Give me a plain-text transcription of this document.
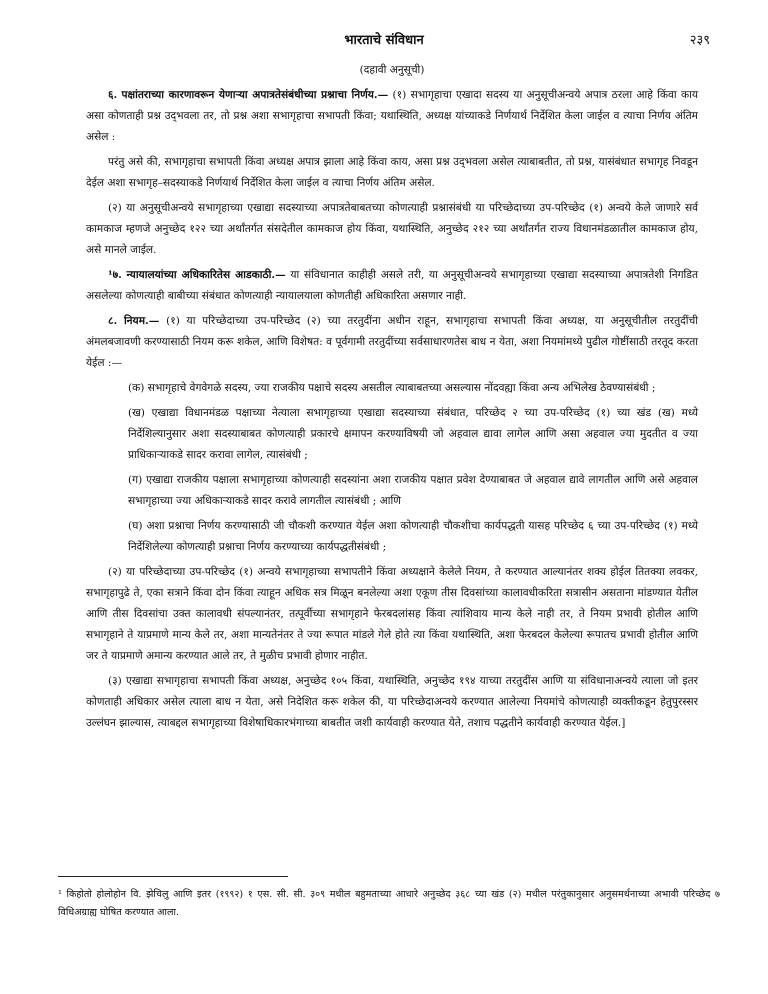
भारताचे संविधान	२३९
(दहावी अनुसूची)

६. पक्षांतराच्या कारणावरून येणाऱ्या अपात्रतेसंबंधीच्या प्रश्नाचा निर्णय.— (१) सभागृहाचा एखादा सदस्य या अनुसूचीअन्वये अपात्र ठरला आहे किंवा काय असा कोणताही प्रश्न उद्‌भवला तर, तो प्रश्न अशा सभागृहाचा सभापती किंवा; यथास्थिति, अध्यक्ष यांच्याकडे निर्णयार्थ निर्देशित केला जाईल व त्याचा निर्णय अंतिम असेल :

परंतु असे की, सभागृहाचा सभापती किंवा अध्यक्ष अपात्र झाला आहे किंवा काय, असा प्रश्न उद्‌भवला असेल त्याबाबतीत, तो प्रश्न, यासंबंधात सभागृह निवडून देईल अशा सभागृह–सदस्याकडे निर्णयार्थ निर्देशित केला जाईल व त्याचा निर्णय अंतिम असेल.

(२) या अनुसूचीअन्वये सभागृहाच्या एखाद्या सदस्याच्या अपात्रतेबाबतच्या कोणत्याही प्रश्नासंबंधी या परिच्छेदाच्या उप-परिच्छेद (१) अन्वये केले जाणारे सर्व कामकाज म्हणजे अनुच्छेद १२२ च्या अर्थांतर्गत संसदेतील कामकाज होय किंवा, यथास्थिति, अनुच्छेद २१२ च्या अर्थांतर्गत राज्य विधानमंडळातील कामकाज होय, असे मानले जाईल.

¹७. न्यायालयांच्या अधिकारितेस आडकाठी.— या संविधानात काहीही असले तरी, या अनुसूचीअन्वये सभागृहाच्या एखाद्या सदस्याच्या अपात्रतेशी निगडित असलेल्या कोणत्याही बाबीच्या संबंधात कोणत्याही न्यायालयाला कोणतीही अधिकारिता असणार नाही.

८. नियम.— (१) या परिच्छेदाच्या उप-परिच्छेद (२) च्या तरतुदींना अधीन राहून, सभागृहाचा सभापती किंवा अध्यक्ष, या अनुसूचीतील तरतुदींची अंमलबजावणी करण्यासाठी नियम करू शकेल, आणि विशेषत: व पूर्वगामी तरतुदींच्या सर्वसाधारणतेस बाध न येता, अशा नियमांमध्ये पुढील गोष्टींसाठी तरतूद करता येईल :—

(क) सभागृहाचे वेगवेगळे सदस्य, ज्या राजकीय पक्षाचे सदस्य असतील त्याबाबतच्या असल्यास नोंदवह्या किंवा अन्य अभिलेख ठेवण्यासंबंधी ;

(ख) एखाद्या विधानमंडळ पक्षाच्या नेत्याला सभागृहाच्या एखाद्या सदस्याच्या संबंधात, परिच्छेद २ च्या उप-परिच्छेद (१) च्या खंड (ख) मध्ये निर्देशिल्यानुसार अशा सदस्याबाबत कोणत्याही प्रकारचे क्षमापन करण्याविषयी जो अहवाल द्यावा लागेल आणि असा अहवाल ज्या मुदतीत व ज्या प्राधिकाऱ्याकडे सादर करावा लागेल, त्यासंबंधी ;

(ग) एखाद्या राजकीय पक्षाला सभागृहाच्या कोणत्याही सदस्यांना अशा राजकीय पक्षात प्रवेश देण्याबाबत जे अहवाल द्यावे लागतील आणि असे अहवाल सभागृहाच्या ज्या अधिकाऱ्याकडे सादर करावे लागतील त्यासंबंधी ; आणि

(घ) अशा प्रश्नाचा निर्णय करण्यासाठी जी चौकशी करण्यात येईल अशा कोणत्याही चौकशीचा कार्यपद्धती यासह परिच्छेद ६ च्या उप-परिच्छेद (१) मध्ये निर्देशिलेल्या कोणत्याही प्रश्नाचा निर्णय करण्याच्या कार्यपद्धतीसंबंधी ;

(२) या परिच्छेदाच्या उप-परिच्छेद (१) अन्वये सभागृहाच्या सभापतीने किंवा अध्यक्षाने केलेले नियम, ते करण्यात आल्यानंतर शक्य होईल तितक्या लवकर, सभागृहापुढे ते, एका सत्राने किंवा दोन किंवा त्याहून अधिक सत्र मिळून बनलेल्या अशा एकूण तीस दिवसांच्या कालावधीकरिता सत्रासीन असताना मांडण्यात येतील आणि तीस दिवसांचा उक्त कालावधी संपल्यानंतर, तत्पूर्वीच्या सभागृहाने फेरबदलांसह किंवा त्यांशिवाय मान्य केले नाही तर, ते नियम प्रभावी होतील आणि सभागृहाने ते याप्रमाणे मान्य केले तर, अशा मान्यतेनंतर ते ज्या रूपात मांडले गेले होते त्या किंवा यथास्थिति, अशा फेरबदल केलेल्या रूपातच प्रभावी होतील आणि जर ते याप्रमाणे अमान्य करण्यात आले तर, ते मुळीच प्रभावी होणार नाहीत.

(३) एखाद्या सभागृहाचा सभापती किंवा अध्यक्ष, अनुच्छेद १०५ किंवा, यथास्थिति, अनुच्छेद १९४ याच्या तरतुदींस आणि या संविधानाअन्वये त्याला जो इतर कोणताही अधिकार असेल त्याला बाध न येता, असे निदेशित करू शकेल की, या परिच्छेदाअन्वये करण्यात आलेल्या नियमांचे कोणत्याही व्यक्तीकडून हेतुपुरस्सर उल्लंघन झाल्यास, त्याबद्दल सभागृहाच्या विशेषाधिकारभंगाच्या बाबतीत जशी कार्यवाही करण्यात येते, तशाच पद्धतीने कार्यवाही करण्यात येईल.]

¹ किहोतो होलोहोन वि. झेचिलु आणि इतर (१९९२) १ एस. सी. सी. ३०९ मधील बहुमताच्या आधारे अनुच्छेद ३६८ च्या खंड (२) मधील परंतुकानुसार अनुसमर्थनाच्या अभावी परिच्छेद ७ विधिअग्राह्य घोषित करण्यात आला.
